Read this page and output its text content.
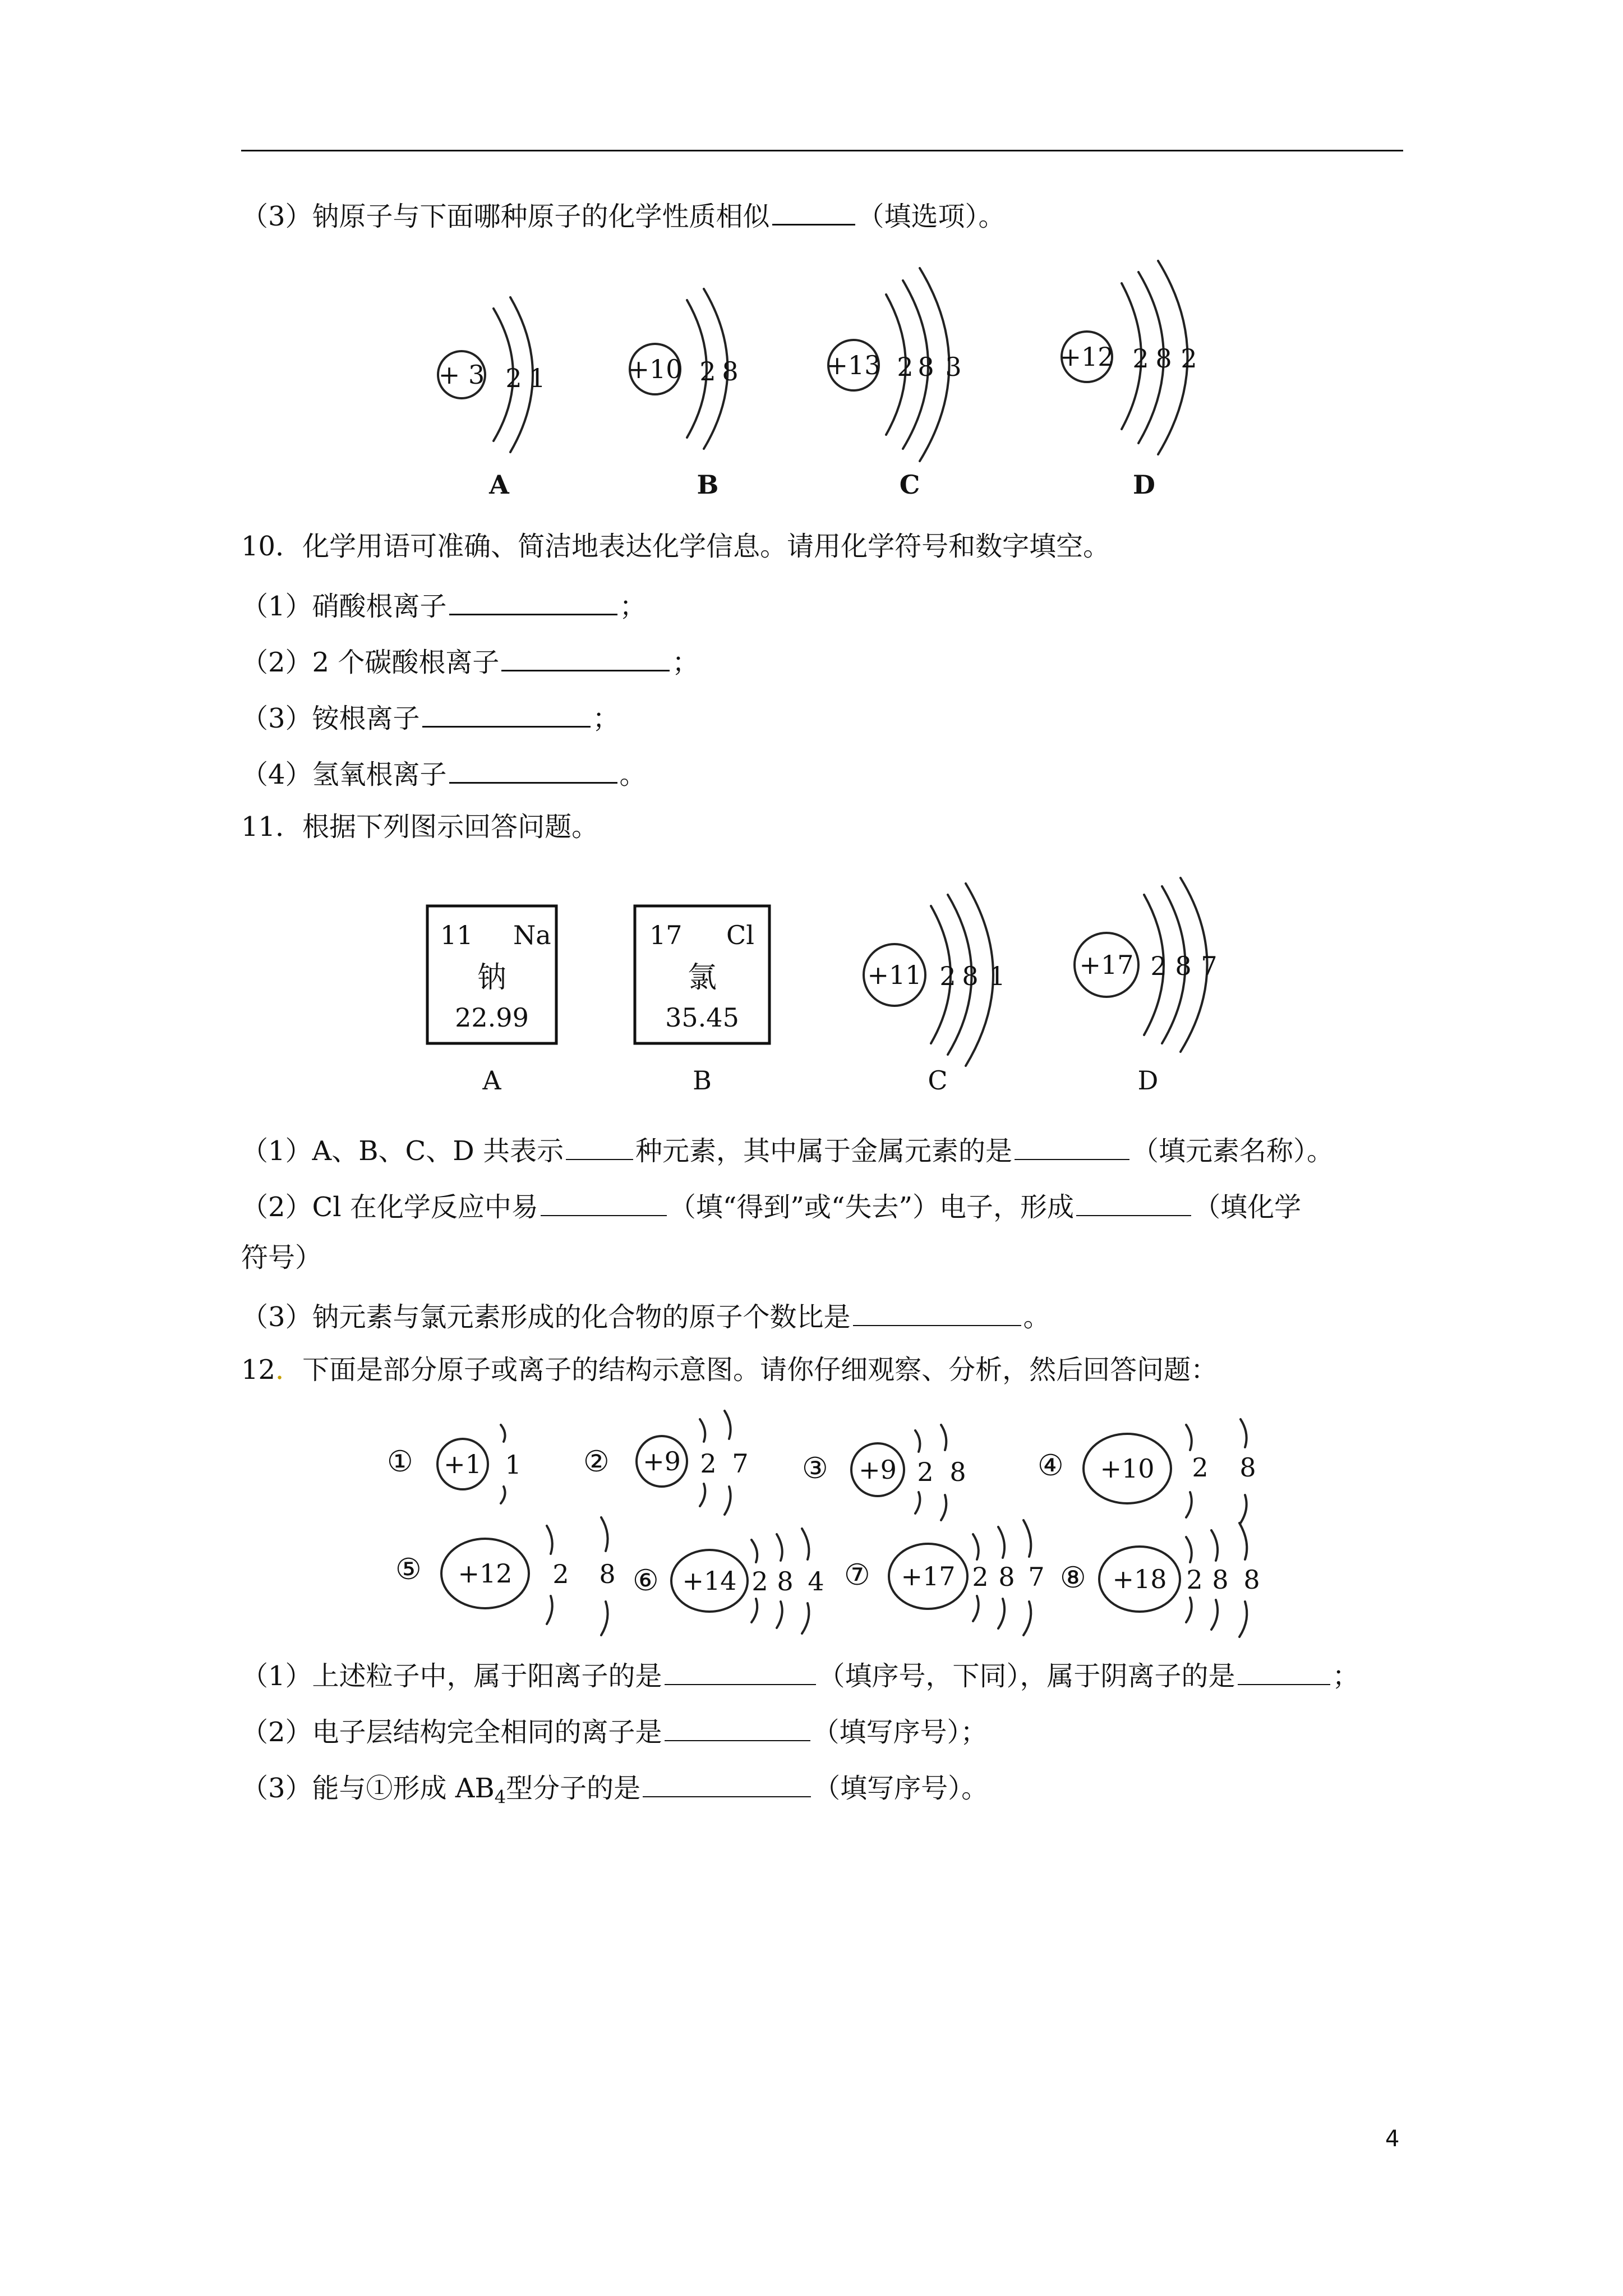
（3）钠原子与下面哪种原子的化学性质相似	（填选项）。
+ 3 2 1
A
+10 2 8
B
+13 2 8 3
C
+12 2 8 2
D
10．化学用语可准确、简洁地表达化学信息。请用化学符号和数字填空。
（1）硝酸根离子	；
（2）2 个碳酸根离子	；
（3）铵根离子	；
（4）氢氧根离子	。
11．根据下列图示回答问题。
11 Na
钠
22.99
A
17 Cl
氯
35.45
B
+11 2 8 1
C
+17 2 8 7
D
（1）A、B、C、D 共表示	种元素，其中属于金属元素的是	（填元素名称）。
（2）Cl 在化学反应中易	（填“得到”或“失去”）电子，形成	（填化学
符号）
（3）钠元素与氯元素形成的化合物的原子个数比是	。
12．下面是部分原子或离子的结构示意图。请你仔细观察、分析，然后回答问题：
① +1 1 ② +9 2 7 ③ +9 2 8 ④ +10 2 8
⑤ +12 2 8 ⑥ +14 2 8 4 ⑦ +17 2 8 7 ⑧ +18 2 8 8
（1）上述粒子中，属于阳离子的是	（填序号，下同），属于阴离子的是	；
（2）电子层结构完全相同的离子是	（填写序号）；
（3）能与①形成 $AB_4$型分子的是	（填写序号）。
4
